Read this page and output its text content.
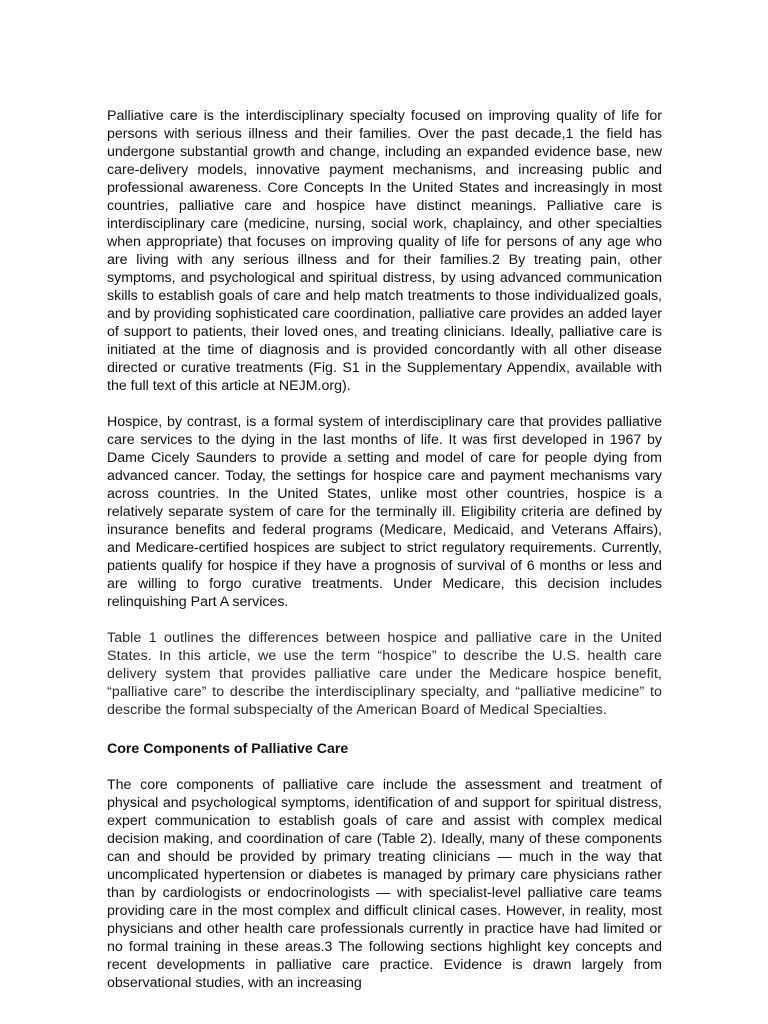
Palliative care is the interdisciplinary specialty focused on improving quality of life for persons with serious illness and their families. Over the past decade,1 the field has undergone substantial growth and change, including an expanded evidence base, new care-delivery models, innovative payment mechanisms, and increasing public and professional awareness. Core Concepts In the United States and increasingly in most countries, palliative care and hospice have distinct meanings. Palliative care is interdisciplinary care (medicine, nursing, social work, chaplaincy, and other specialties when appropriate) that focuses on improving quality of life for persons of any age who are living with any serious illness and for their families.2 By treating pain, other symptoms, and psychological and spiritual distress, by using advanced communication skills to establish goals of care and help match treatments to those individualized goals, and by providing sophisticated care coordination, palliative care provides an added layer of support to patients, their loved ones, and treating clinicians. Ideally, palliative care is initiated at the time of diagnosis and is provided concordantly with all other disease directed or curative treatments (Fig. S1 in the Supplementary Appendix, available with the full text of this article at NEJM.org).

Hospice, by contrast, is a formal system of interdisciplinary care that provides palliative care services to the dying in the last months of life. It was first developed in 1967 by Dame Cicely Saunders to provide a setting and model of care for people dying from advanced cancer. Today, the settings for hospice care and payment mechanisms vary across countries. In the United States, unlike most other countries, hospice is a relatively separate system of care for the terminally ill. Eligibility criteria are defined by insurance benefits and federal programs (Medicare, Medicaid, and Veterans Affairs), and Medicare-certified hospices are subject to strict regulatory requirements. Currently, patients qualify for hospice if they have a prognosis of survival of 6 months or less and are willing to forgo curative treatments. Under Medicare, this decision includes relinquishing Part A services.

Table 1 outlines the differences between hospice and palliative care in the United States. In this article, we use the term “hospice” to describe the U.S. health care delivery system that provides palliative care under the Medicare hospice benefit, “palliative care” to describe the interdisciplinary specialty, and “palliative medicine” to describe the formal subspecialty of the American Board of Medical Specialties.

Core Components of Palliative Care

The core components of palliative care include the assessment and treatment of physical and psychological symptoms, identification of and support for spiritual distress, expert communication to establish goals of care and assist with complex medical decision making, and coordination of care (Table 2). Ideally, many of these components can and should be provided by primary treating clinicians — much in the way that uncomplicated hypertension or diabetes is managed by primary care physicians rather than by cardiologists or endocrinologists — with specialist-level palliative care teams providing care in the most complex and difficult clinical cases. However, in reality, most physicians and other health care professionals currently in practice have had limited or no formal training in these areas.3 The following sections highlight key concepts and recent developments in palliative care practice. Evidence is drawn largely from observational studies, with an increasing
